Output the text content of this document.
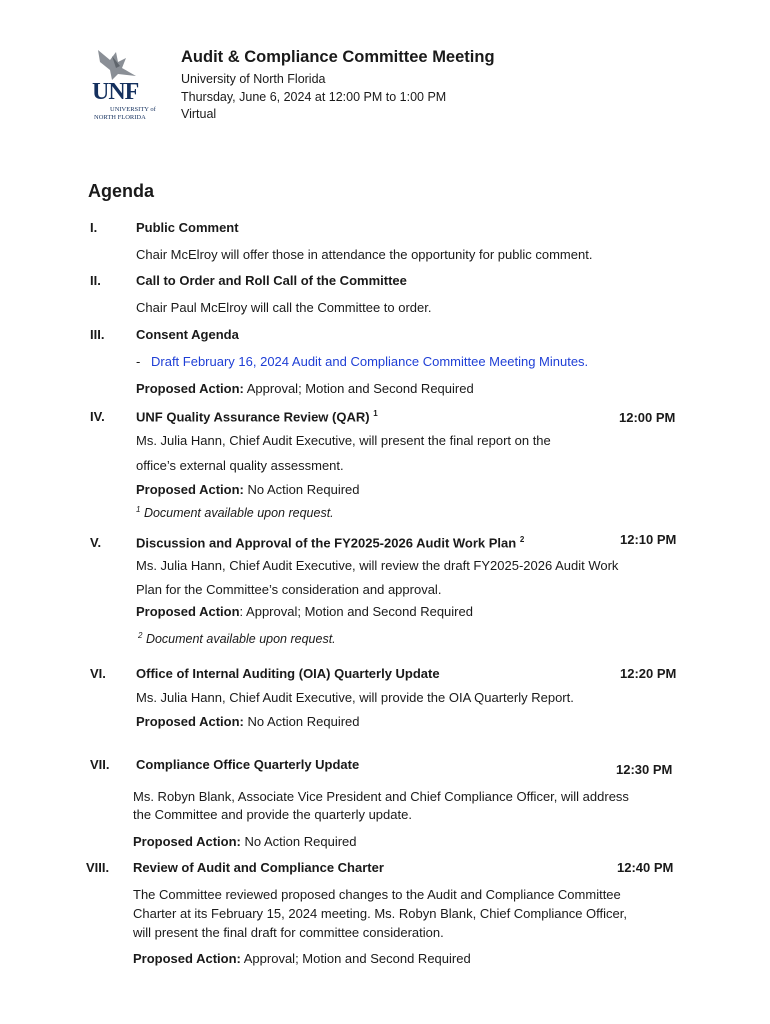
UNF
UNIVERSITY of
NORTH FLORIDA
Audit & Compliance Committee Meeting
University of North Florida
Thursday, June 6, 2024 at 12:00 PM to 1:00 PM
Virtual
Agenda
I.	Public Comment
Chair McElroy will offer those in attendance the opportunity for public comment.
II.	Call to Order and Roll Call of the Committee
Chair Paul McElroy will call the Committee to order.
III. Consent Agenda
- Draft February 16, 2024 Audit and Compliance Committee Meeting Minutes.
Proposed Action: Approval; Motion and Second Required
IV. UNF Quality Assurance Review (QAR) $^1$	12:00 PM
Ms. Julia Hann, Chief Audit Executive, will present the final report on the
office’s external quality assessment.
Proposed Action: No Action Required
$^1$ Document available upon request.
V.	Discussion and Approval of the FY2025-2026 Audit Work Plan $^2$	12:10 PM
Ms. Julia Hann, Chief Audit Executive, will review the draft FY2025-2026 Audit Work
Plan for the Committee’s consideration and approval.
Proposed Action: Approval; Motion and Second Required
$^2$ Document available upon request.
VI. Office of Internal Auditing (OIA) Quarterly Update	12:20 PM
Ms. Julia Hann, Chief Audit Executive, will provide the OIA Quarterly Report.
Proposed Action: No Action Required
VII. Compliance Office Quarterly Update	12:30 PM
Ms. Robyn Blank, Associate Vice President and Chief Compliance Officer, will address
the Committee and provide the quarterly update.
Proposed Action: No Action Required
VIII. Review of Audit and Compliance Charter	12:40 PM
The Committee reviewed proposed changes to the Audit and Compliance Committee
Charter at its February 15, 2024 meeting. Ms. Robyn Blank, Chief Compliance Officer,
will present the final draft for committee consideration.
Proposed Action: Approval; Motion and Second Required
